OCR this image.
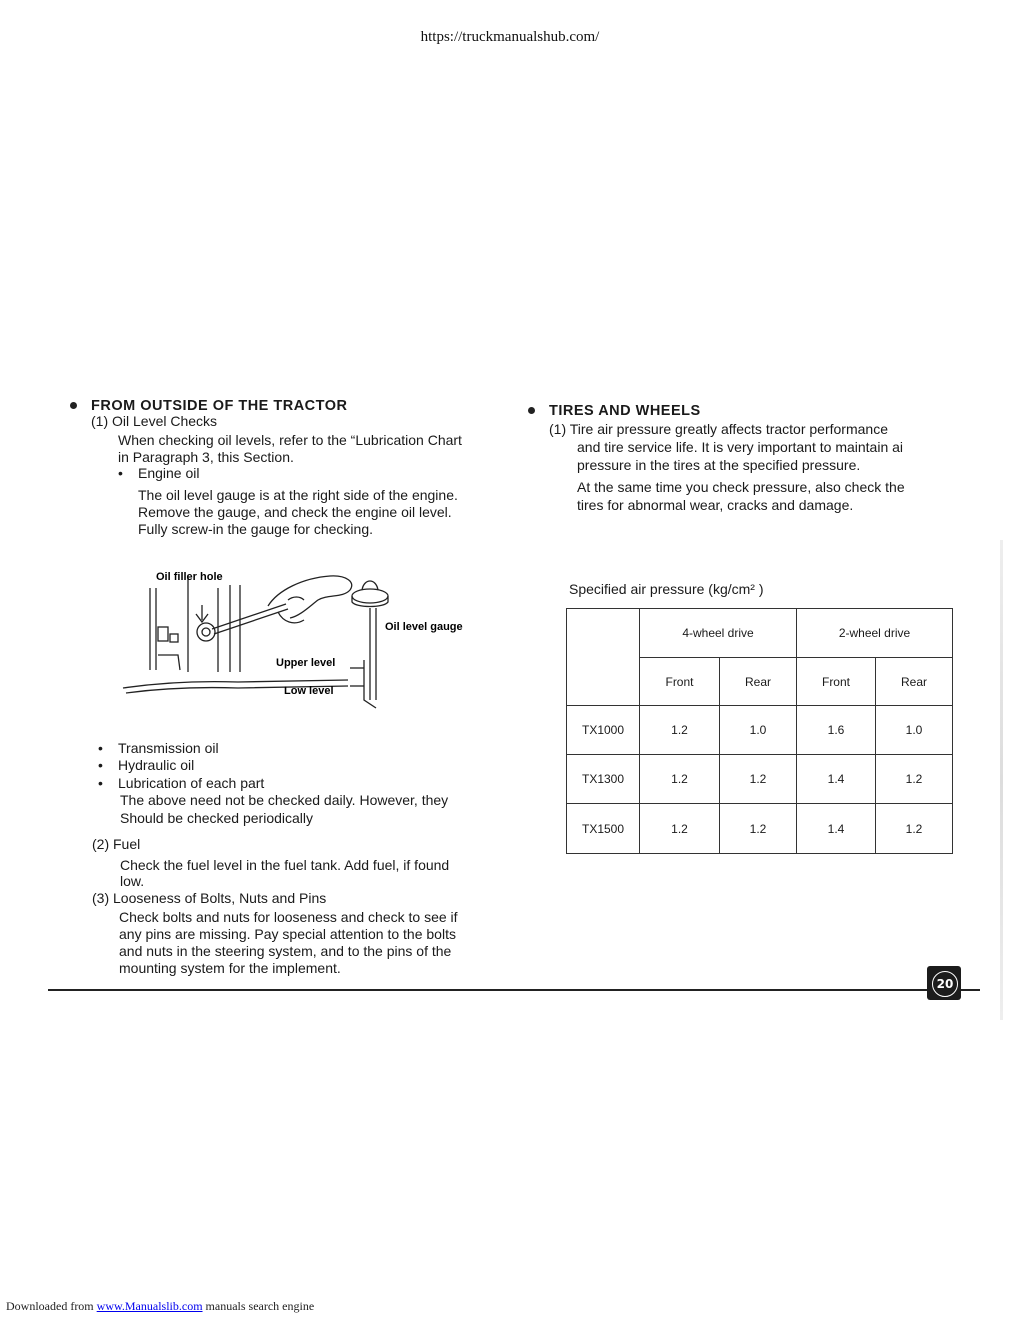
https://truckmanualshub.com/
FROM OUTSIDE OF THE TRACTOR
(1) Oil Level Checks
When checking oil levels, refer to the “Lubrication Chart
in Paragraph 3, this Section.
• Engine oil
The oil level gauge is at the right side of the engine.
Remove the gauge, and check the engine oil level.
Fully screw-in the gauge for checking.
Oil filler hole
Oil level gauge
Upper level
Low level
• Transmission oil
• Hydraulic oil
• Lubrication of each part
The above need not be checked daily. However, they
Should be checked periodically
(2) Fuel
Check the fuel level in the fuel tank. Add fuel, if found
low.
(3) Looseness of Bolts, Nuts and Pins
Check bolts and nuts for looseness and check to see if
any pins are missing. Pay special attention to the bolts
and nuts in the steering system, and to the pins of the
mounting system for the implement.
TIRES AND WHEELS
(1) Tire air pressure greatly affects tractor performance
and tire service life. It is very important to maintain ai
pressure in the tires at the specified pressure.
At the same time you check pressure, also check the
tires for abnormal wear, cracks and damage.
Specified air pressure (kg/cm² )
	4-wheel drive		2-wheel drive	
	Front	Rear	Front	Rear
TX1000	1.2	1.0	1.6	1.0
TX1300	1.2	1.2	1.4	1.2
TX1500	1.2	1.2	1.4	1.2
20
Downloaded from www.Manualslib.com manuals search engine
